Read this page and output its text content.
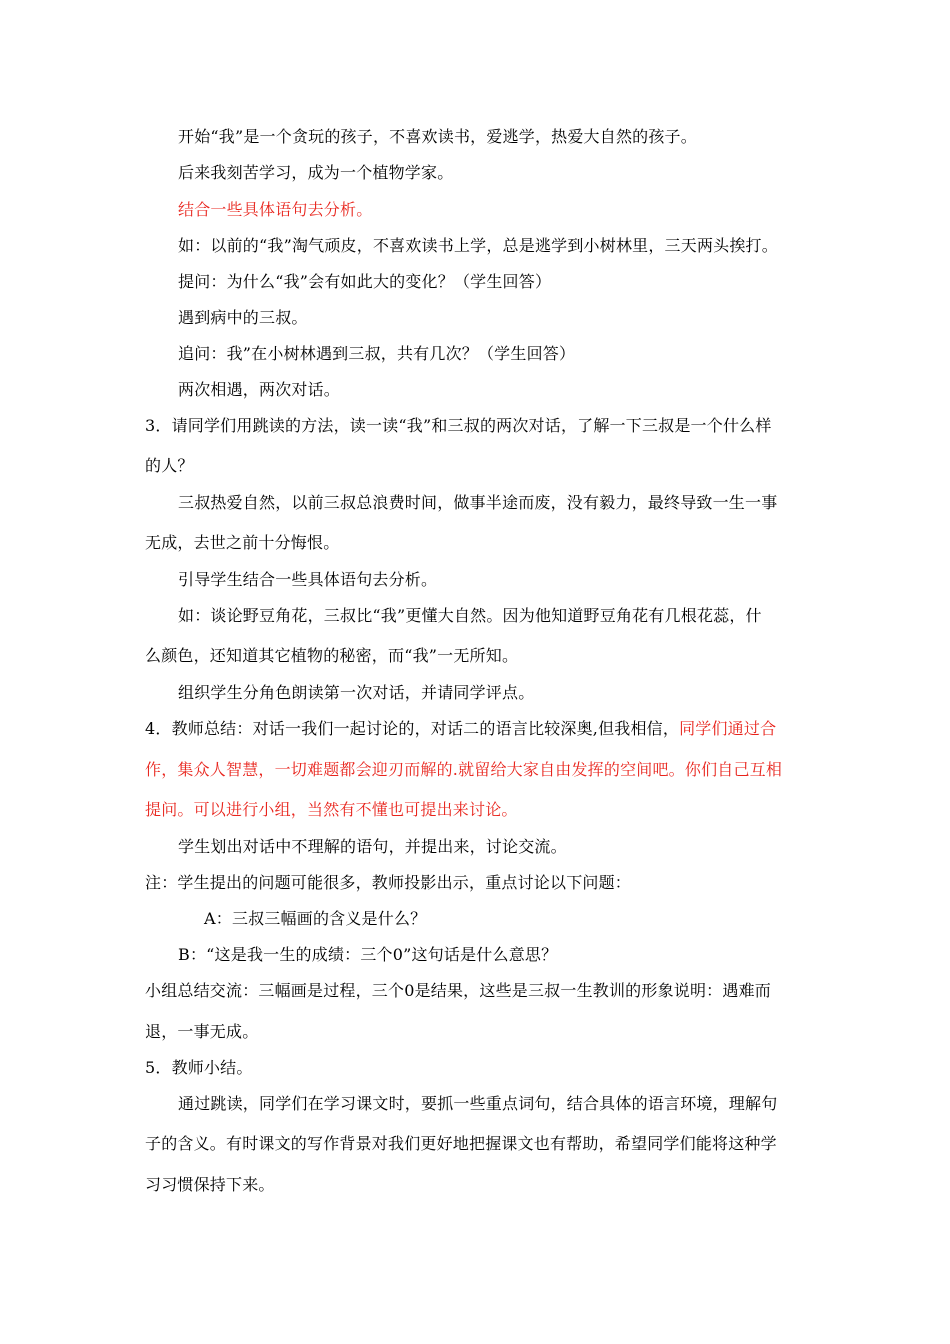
开始“我”是一个贪玩的孩子，不喜欢读书，爱逃学，热爱大自然的孩子。
后来我刻苦学习，成为一个植物学家。
结合一些具体语句去分析。
如：以前的“我”淘气顽皮，不喜欢读书上学，总是逃学到小树林里，三天两头挨打。
提问：为什么“我”会有如此大的变化？（学生回答）
遇到病中的三叔。
追问：我”在小树林遇到三叔，共有几次？（学生回答）
两次相遇，两次对话。
3．请同学们用跳读的方法，读一读“我”和三叔的两次对话，了解一下三叔是一个什么样
的人？
三叔热爱自然，以前三叔总浪费时间，做事半途而废，没有毅力，最终导致一生一事
无成，去世之前十分悔恨。
引导学生结合一些具体语句去分析。
如：谈论野豆角花，三叔比“我”更懂大自然。因为他知道野豆角花有几根花蕊，什
么颜色，还知道其它植物的秘密，而“我”一无所知。
组织学生分角色朗读第一次对话，并请同学评点。
4．教师总结：对话一我们一起讨论的，对话二的语言比较深奥,但我相信，同学们通过合
作，集众人智慧，一切难题都会迎刃而解的.就留给大家自由发挥的空间吧。你们自己互相
提问。可以进行小组，当然有不懂也可提出来讨论。
学生划出对话中不理解的语句，并提出来，讨论交流。
注：学生提出的问题可能很多，教师投影出示，重点讨论以下问题：
A：三叔三幅画的含义是什么？
B：“这是我一生的成绩：三个0”这句话是什么意思？
小组总结交流：三幅画是过程，三个0是结果，这些是三叔一生教训的形象说明：遇难而
退，一事无成。
5．教师小结。
通过跳读，同学们在学习课文时，要抓一些重点词句，结合具体的语言环境，理解句
子的含义。有时课文的写作背景对我们更好地把握课文也有帮助，希望同学们能将这种学
习习惯保持下来。
